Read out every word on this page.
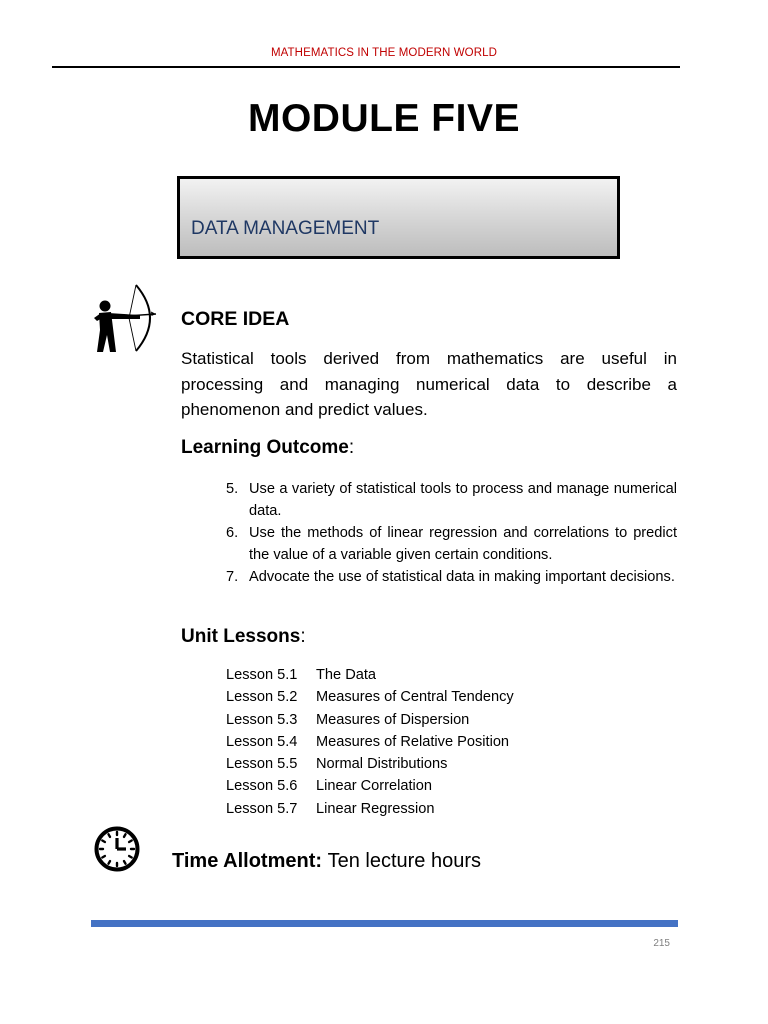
MATHEMATICS IN THE MODERN WORLD
MODULE FIVE
DATA MANAGEMENT
CORE IDEA
Statistical tools derived from mathematics are useful in processing and managing numerical data to describe a phenomenon and predict values.
Learning Outcome:
5. Use a variety of statistical tools to process and manage numerical data.
6. Use the methods of linear regression and correlations to predict the value of a variable given certain conditions.
7. Advocate the use of statistical data in making important decisions.
Unit Lessons:
Lesson 5.1	The Data
Lesson 5.2	Measures of Central Tendency
Lesson 5.3	Measures of Dispersion
Lesson 5.4	Measures of Relative Position
Lesson 5.5	Normal Distributions
Lesson 5.6	Linear Correlation
Lesson 5.7	Linear Regression
Time Allotment: Ten lecture hours
215
